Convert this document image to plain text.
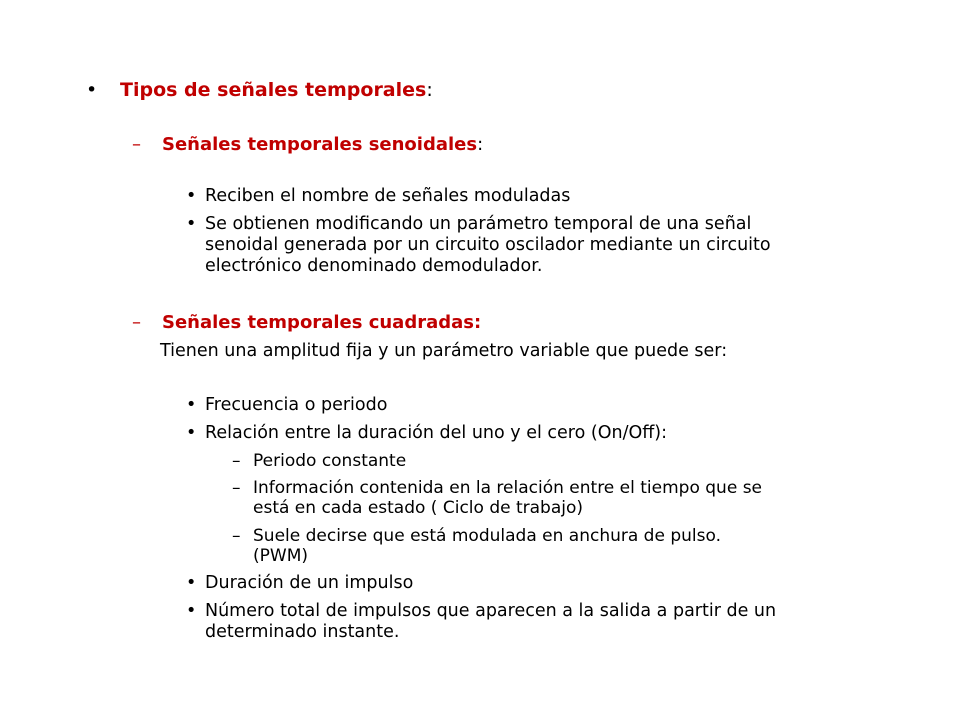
• Tipos de señales temporales:
– Señales temporales senoidales:
• Reciben el nombre de señales moduladas
• Se obtienen modificando un parámetro temporal de una señal
senoidal generada por un circuito oscilador mediante un circuito
electrónico denominado demodulador.
– Señales temporales cuadradas:
Tienen una amplitud fija y un parámetro variable que puede ser:
• Frecuencia o periodo
• Relación entre la duración del uno y el cero (On/Off):
– Periodo constante
– Información contenida en la relación entre el tiempo que se
está en cada estado ( Ciclo de trabajo)
– Suele decirse que está modulada en anchura de pulso.
(PWM)
• Duración de un impulso
• Número total de impulsos que aparecen a la salida a partir de un
determinado instante.
